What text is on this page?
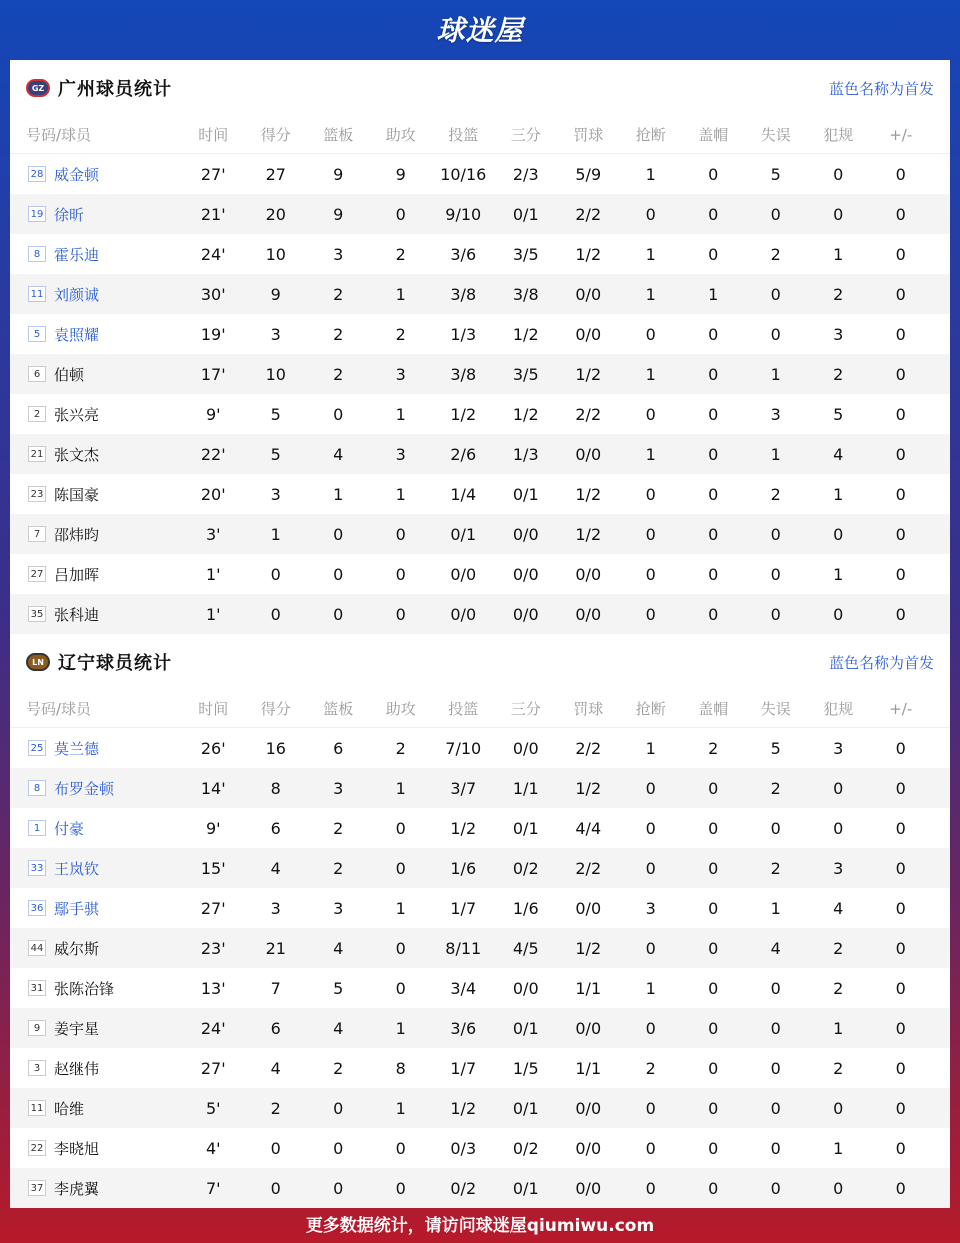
球迷屋
GZ 广州球员统计	蓝色名称为首发
号码/球员	时间	得分	篮板	助攻	投篮	三分	罚球	抢断	盖帽	失误	犯规	+/-
28 威金顿	27'	27	9	9	10/16	2/3	5/9	1	0	5	0	0
19 徐昕	21'	20	9	0	9/10	0/1	2/2	0	0	0	0	0
8 霍乐迪	24'	10	3	2	3/6	3/5	1/2	1	0	2	1	0
11 刘颜诚	30'	9	2	1	3/8	3/8	0/0	1	1	0	2	0
5 袁照耀	19'	3	2	2	1/3	1/2	0/0	0	0	0	3	0
6 伯顿	17'	10	2	3	3/8	3/5	1/2	1	0	1	2	0
2 张兴亮	9'	5	0	1	1/2	1/2	2/2	0	0	3	5	0
21 张文杰	22'	5	4	3	2/6	1/3	0/0	1	0	1	4	0
23 陈国豪	20'	3	1	1	1/4	0/1	1/2	0	0	2	1	0
7 邵炜昀	3'	1	0	0	0/1	0/0	1/2	0	0	0	0	0
27 吕加晖	1'	0	0	0	0/0	0/0	0/0	0	0	0	1	0
35 张科迪	1'	0	0	0	0/0	0/0	0/0	0	0	0	0	0
LN 辽宁球员统计	蓝色名称为首发
号码/球员	时间	得分	篮板	助攻	投篮	三分	罚球	抢断	盖帽	失误	犯规	+/-
25 莫兰德	26'	16	6	2	7/10	0/0	2/2	1	2	5	3	0
8 布罗金顿	14'	8	3	1	3/7	1/1	1/2	0	0	2	0	0
1 付豪	9'	6	2	0	1/2	0/1	4/4	0	0	0	0	0
33 王岚钦	15'	4	2	0	1/6	0/2	2/2	0	0	2	3	0
36 鄢手骐	27'	3	3	1	1/7	1/6	0/0	3	0	1	4	0
44 威尔斯	23'	21	4	0	8/11	4/5	1/2	0	0	4	2	0
31 张陈治锋	13'	7	5	0	3/4	0/0	1/1	1	0	0	2	0
9 姜宇星	24'	6	4	1	3/6	0/1	0/0	0	0	0	1	0
3 赵继伟	27'	4	2	8	1/7	1/5	1/1	2	0	0	2	0
11 哈维	5'	2	0	1	1/2	0/1	0/0	0	0	0	0	0
22 李晓旭	4'	0	0	0	0/3	0/2	0/0	0	0	0	1	0
37 李虎翼	7'	0	0	0	0/2	0/1	0/0	0	0	0	0	0
更多数据统计，请访问球迷屋qiumiwu.com
